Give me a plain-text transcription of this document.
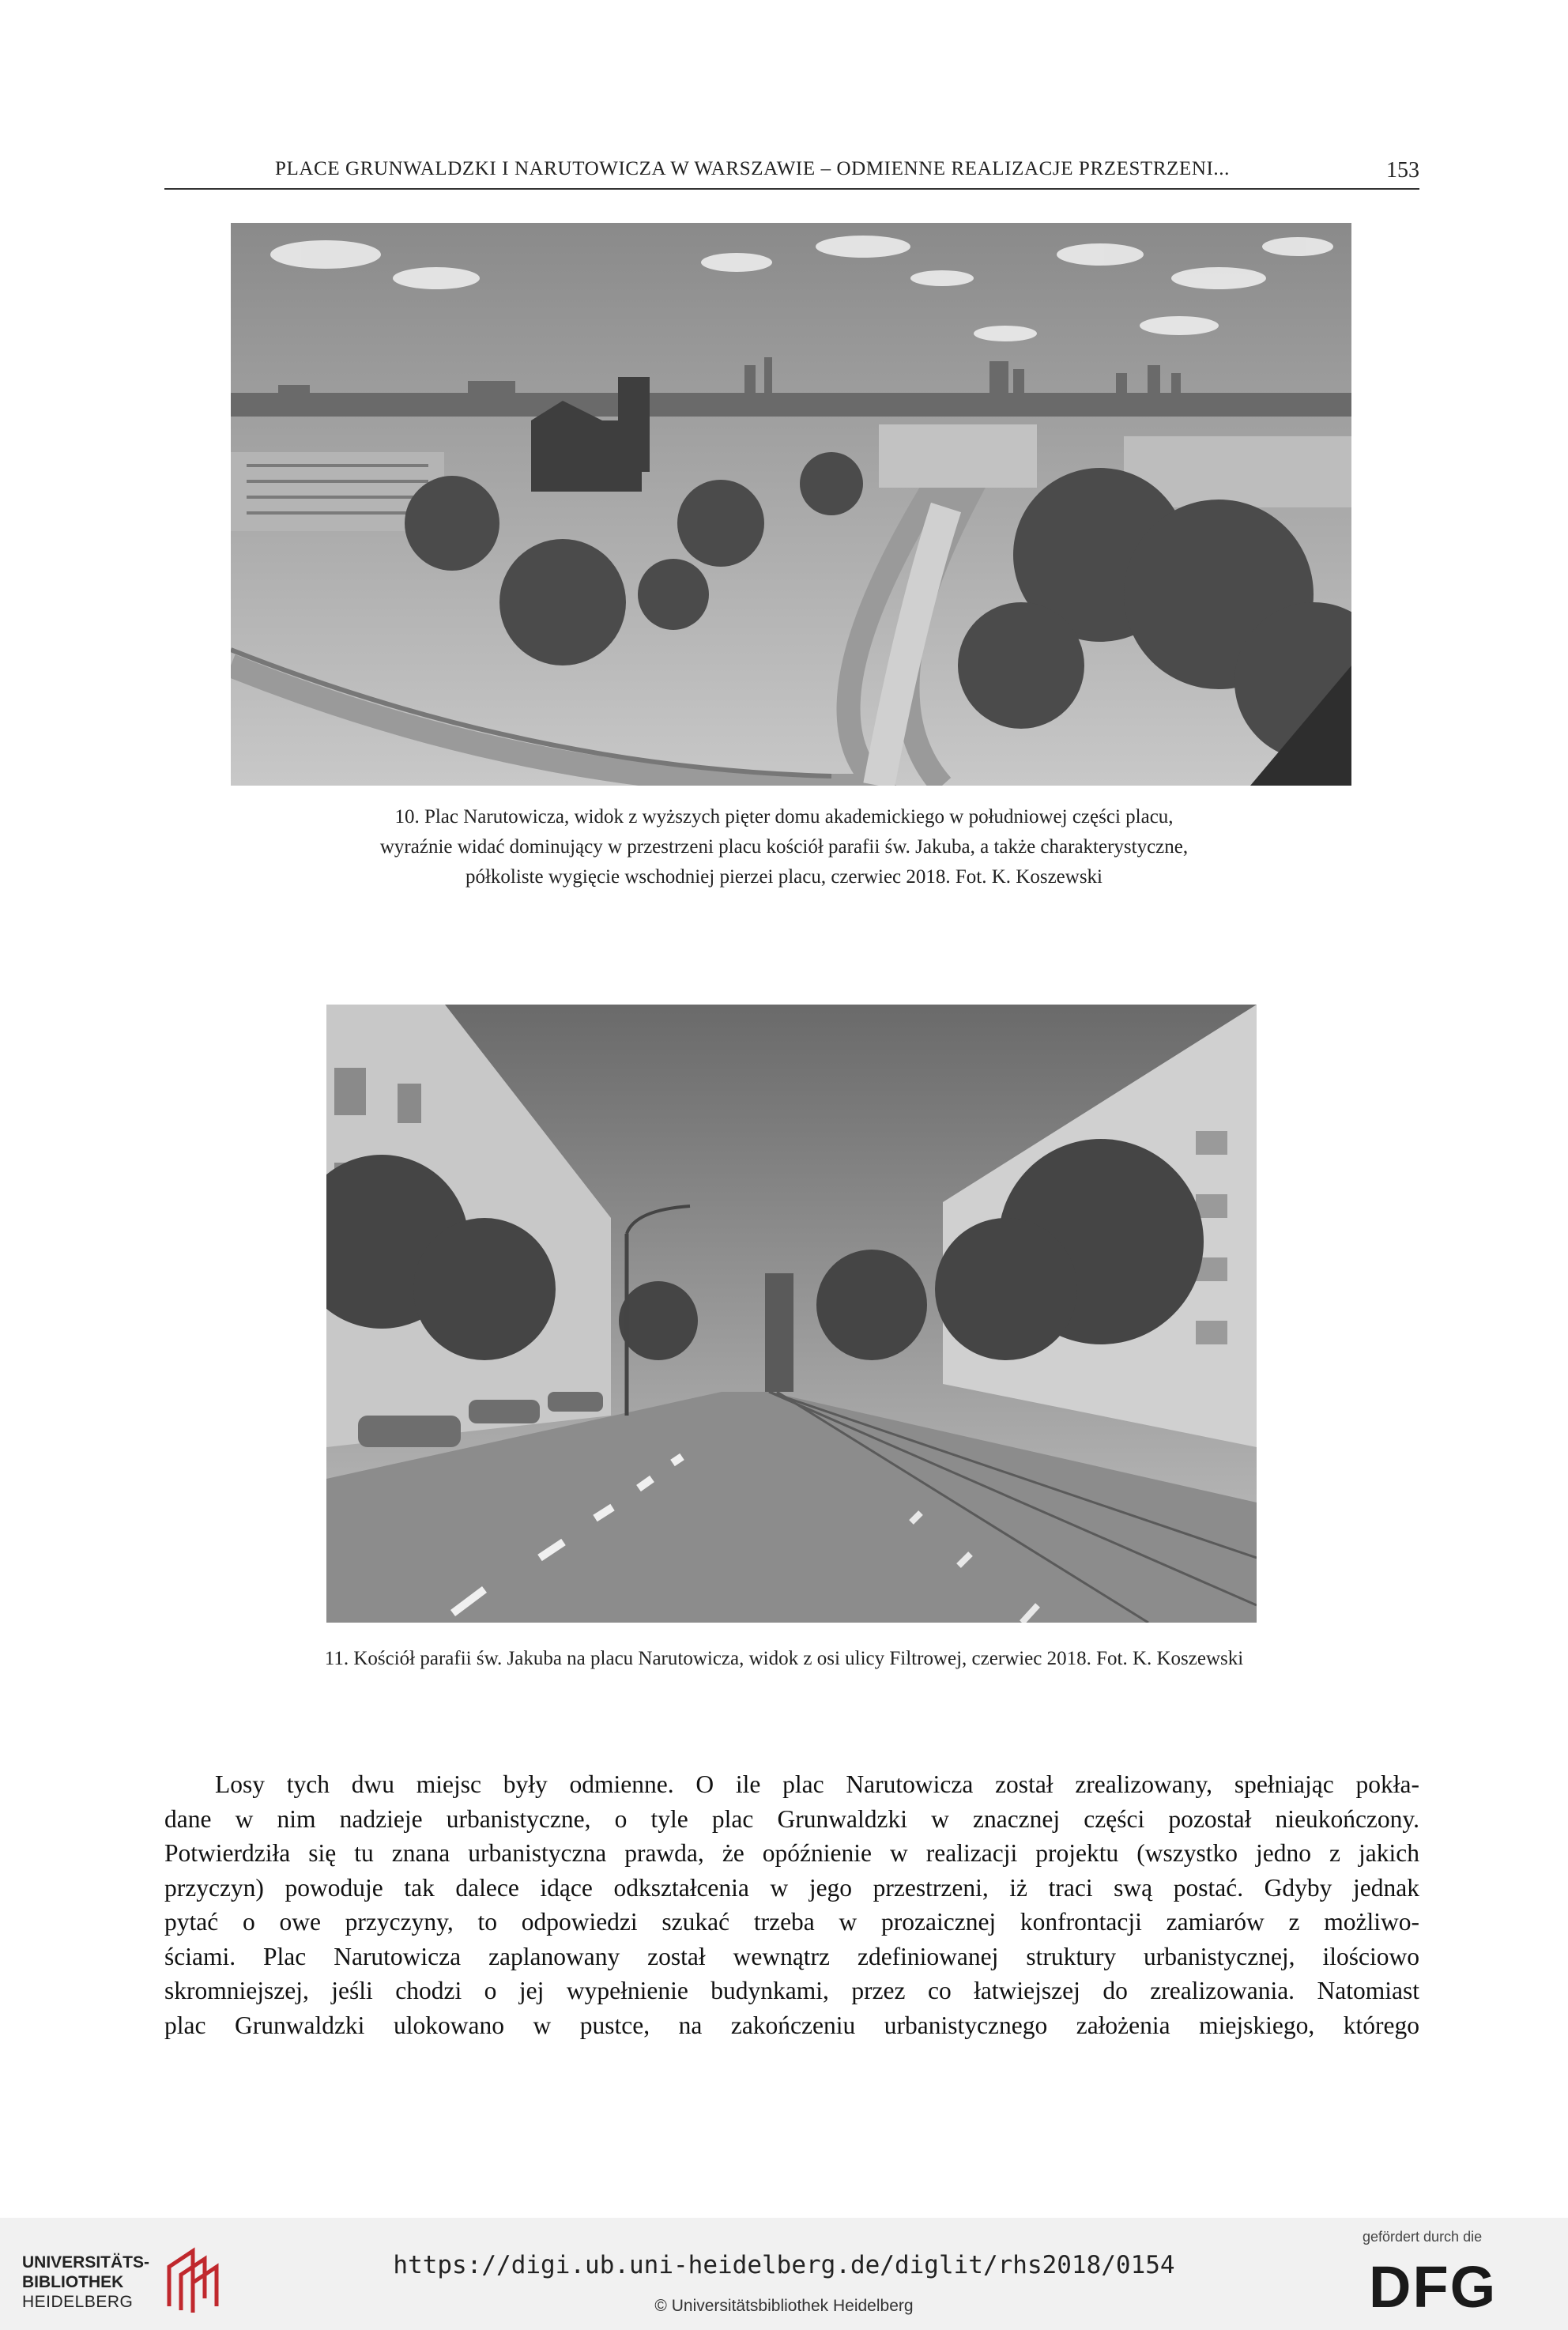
PLACE GRUNWALDZKI I NARUTOWICZA W WARSZAWIE – ODMIENNE REALIZACJE PRZESTRZENI...	153
10. Plac Narutowicza, widok z wyższych pięter domu akademickiego w południowej części placu,
wyraźnie widać dominujący w przestrzeni placu kościół parafii św. Jakuba, a także charakterystyczne,
półkoliste wygięcie wschodniej pierzei placu, czerwiec 2018. Fot. K. Koszewski
11. Kościół parafii św. Jakuba na placu Narutowicza, widok z osi ulicy Filtrowej, czerwiec 2018. Fot. K. Koszewski
Losy tych dwu miejsc były odmienne. O ile plac Narutowicza został zrealizowany, spełniając pokła-
dane w nim nadzieje urbanistyczne, o tyle plac Grunwaldzki w znacznej części pozostał nieukończony.
Potwierdziła się tu znana urbanistyczna prawda, że opóźnienie w realizacji projektu (wszystko jedno z jakich
przyczyn) powoduje tak dalece idące odkształcenia w jego przestrzeni, iż traci swą postać. Gdyby jednak
pytać o owe przyczyny, to odpowiedzi szukać trzeba w prozaicznej konfrontacji zamiarów z możliwo-
ściami. Plac Narutowicza zaplanowany został wewnątrz zdefiniowanej struktury urbanistycznej, ilościowo
skromniejszej, jeśli chodzi o jej wypełnienie budynkami, przez co łatwiejszej do zrealizowania. Natomiast
plac Grunwaldzki ulokowano w pustce, na zakończeniu urbanistycznego założenia miejskiego, którego
UNIVERSITÄTS-
BIBLIOTHEK
HEIDELBERG
https://digi.ub.uni-heidelberg.de/diglit/rhs2018/0154
© Universitätsbibliothek Heidelberg
gefördert durch die
DFG
